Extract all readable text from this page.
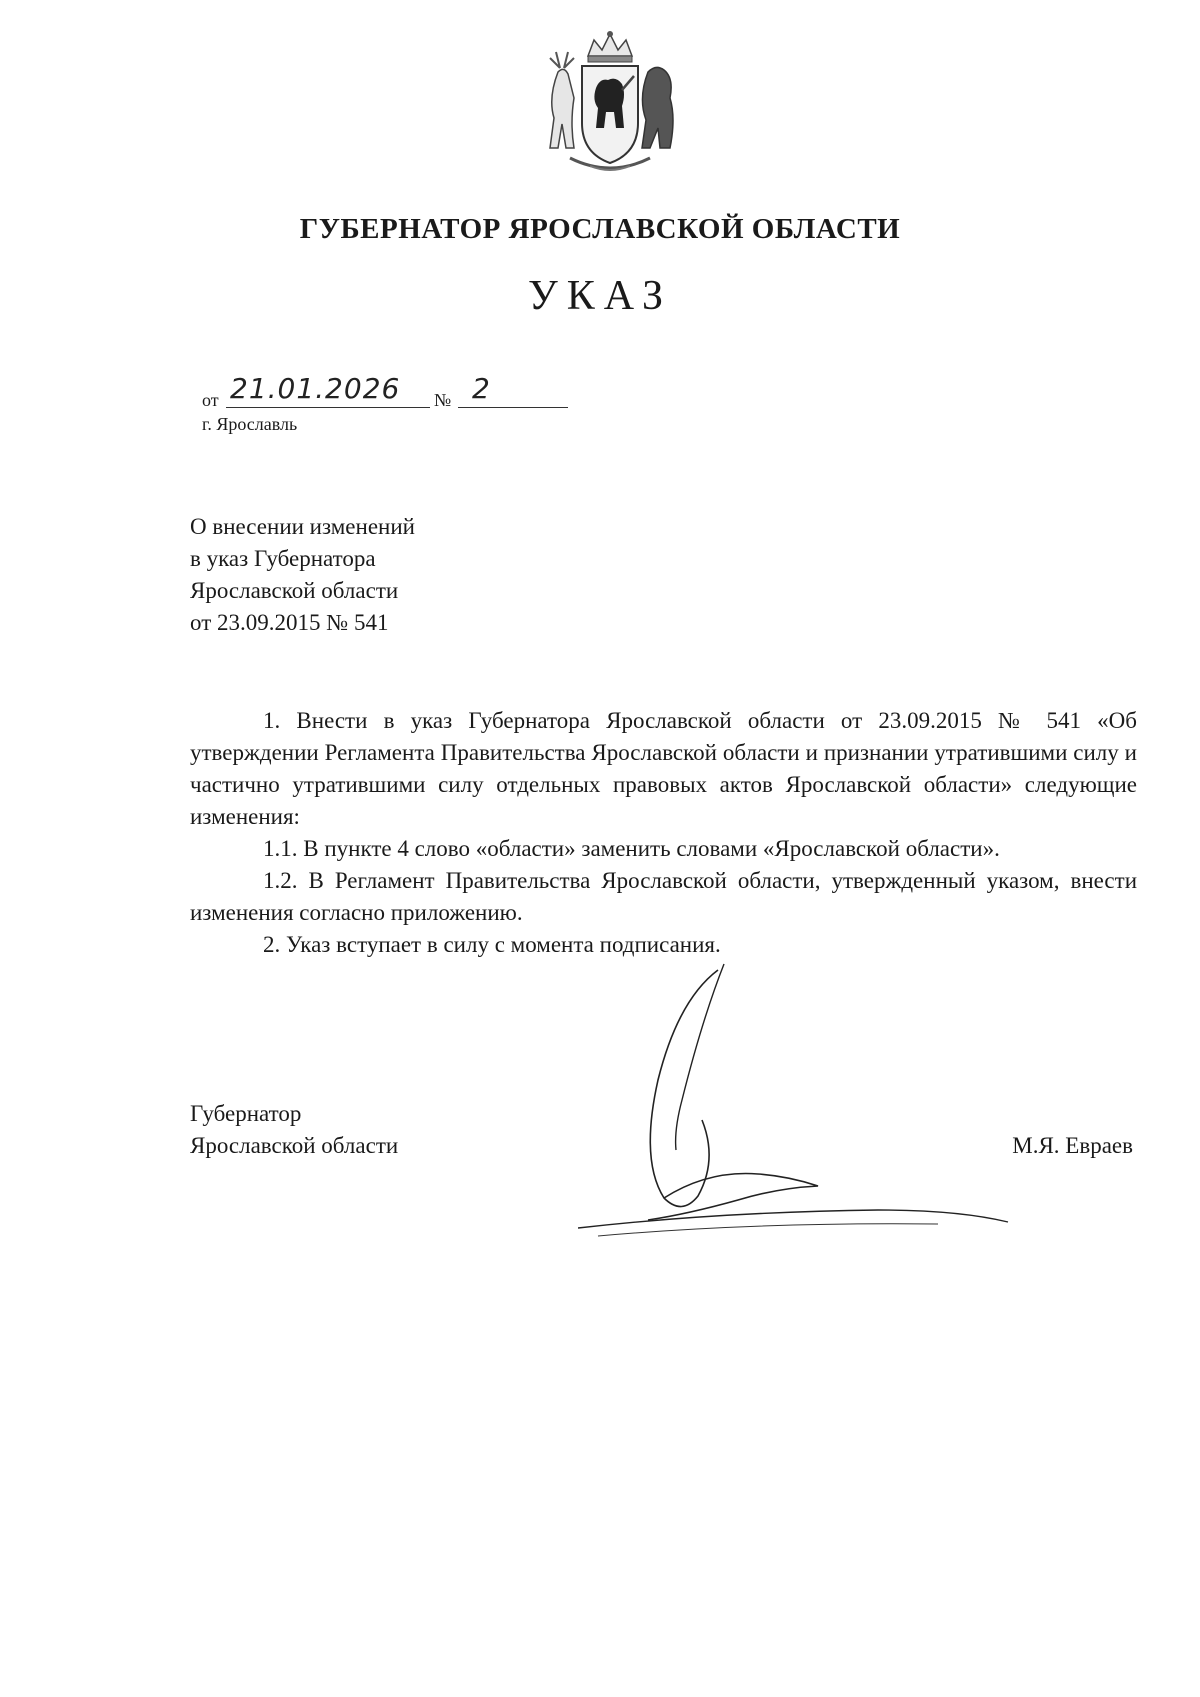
ГУБЕРНАТОР ЯРОСЛАВСКОЙ ОБЛАСТИ
УКАЗ
от 21.01.2026	№ 2
г. Ярославль
О внесении изменений
в указ Губернатора
Ярославской области
от 23.09.2015 № 541

1. Внести в указ Губернатора Ярославской области от 23.09.2015 № 541 «Об утверждении Регламента Правительства Ярославской области и признании утратившими силу и частично утратившими силу отдельных правовых актов Ярославской области» следующие изменения:

1.1. В пункте 4 слово «области» заменить словами «Ярославской области».

1.2. В Регламент Правительства Ярославской области, утвержденный указом, внести изменения согласно приложению.

2. Указ вступает в силу с момента подписания.

Губернатор
Ярославской области	М.Я. Евраев
